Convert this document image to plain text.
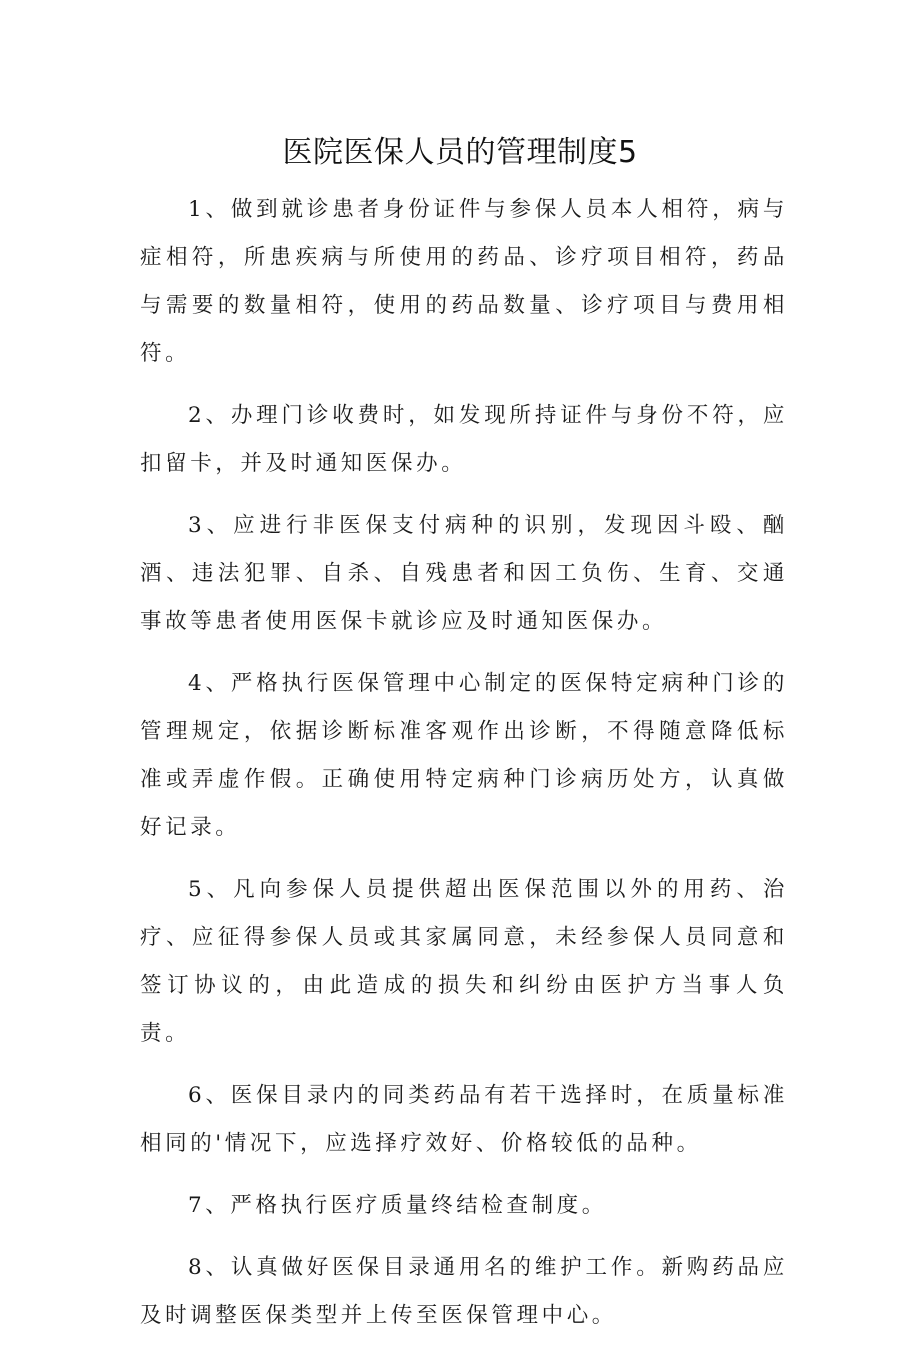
医院医保人员的管理制度5

1、做到就诊患者身份证件与参保人员本人相符，病与症相符，所患疾病与所使用的药品、诊疗项目相符，药品与需要的数量相符，使用的药品数量、诊疗项目与费用相符。

2、办理门诊收费时，如发现所持证件与身份不符，应扣留卡，并及时通知医保办。

3、应进行非医保支付病种的识别，发现因斗殴、酗酒、违法犯罪、自杀、自残患者和因工负伤、生育、交通事故等患者使用医保卡就诊应及时通知医保办。

4、严格执行医保管理中心制定的医保特定病种门诊的管理规定，依据诊断标准客观作出诊断，不得随意降低标准或弄虚作假。正确使用特定病种门诊病历处方，认真做好记录。

5、凡向参保人员提供超出医保范围以外的用药、治疗、应征得参保人员或其家属同意，未经参保人员同意和签订协议的，由此造成的损失和纠纷由医护方当事人负责。

6、医保目录内的同类药品有若干选择时，在质量标准相同的'情况下，应选择疗效好、价格较低的品种。

7、严格执行医疗质量终结检查制度。

8、认真做好医保目录通用名的维护工作。新购药品应及时调整医保类型并上传至医保管理中心。
